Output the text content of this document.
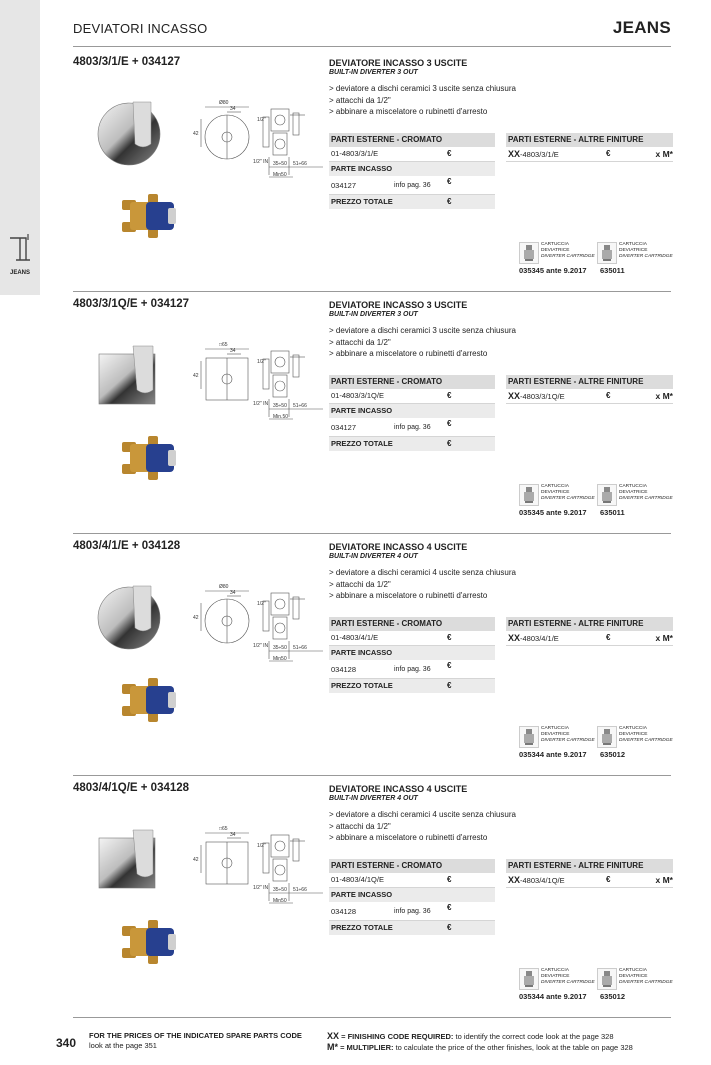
JEANS
DEVIATORI INCASSO	JEANS
4803/3/1/E + 034127
Ø80
34
42
1/2"
1/2" IN 35÷50 51÷66
Min50
DEVIATORE INCASSO 3 USCITE
BUILT-IN DIVERTER 3 OUT
> deviatore a dischi ceramici 3 uscite senza chiusura
> attacchi da 1/2"
> abbinare a miscelatore o rubinetti d'arresto
PARTI ESTERNE - CROMATO
01-4803/3/1/E	€
PARTE INCASSO
034127	info pag. 36 €
PREZZO TOTALE	€
PARTI ESTERNE - ALTRE FINITURE
XX-4803/3/1/E	€	x M*
CARTUCCIA
DEVIATRICE
DIVERTER CARTRIDGE
CARTUCCIA
DEVIATRICE
DIVERTER CARTRIDGE
035345 ante 9.2017 635011
4803/3/1Q/E + 034127
□65
34
42
1/2"
1/2" IN 35÷50 51÷66
Min.50
DEVIATORE INCASSO 3 USCITE
BUILT-IN DIVERTER 3 OUT
> deviatore a dischi ceramici 3 uscite senza chiusura
> attacchi da 1/2"
> abbinare a miscelatore o rubinetti d'arresto
PARTI ESTERNE - CROMATO
01-4803/3/1Q/E	€
PARTE INCASSO
034127	info pag. 36 €
PREZZO TOTALE	€
PARTI ESTERNE - ALTRE FINITURE
XX-4803/3/1Q/E	€	x M*
CARTUCCIA
DEVIATRICE
DIVERTER CARTRIDGE
CARTUCCIA
DEVIATRICE
DIVERTER CARTRIDGE
035345 ante 9.2017 635011
4803/4/1/E + 034128
Ø80
34
42
1/2"
1/2" IN 35÷50 51÷66
Min50
DEVIATORE INCASSO 4 USCITE
BUILT-IN DIVERTER 4 OUT
> deviatore a dischi ceramici 4 uscite senza chiusura
> attacchi da 1/2"
> abbinare a miscelatore o rubinetti d'arresto
PARTI ESTERNE - CROMATO
01-4803/4/1/E	€
PARTE INCASSO
034128	info pag. 36 €
PREZZO TOTALE	€
PARTI ESTERNE - ALTRE FINITURE
XX-4803/4/1/E	€	x M*
CARTUCCIA
DEVIATRICE
DIVERTER CARTRIDGE
CARTUCCIA
DEVIATRICE
DIVERTER CARTRIDGE
035344 ante 9.2017 635012
4803/4/1Q/E + 034128
□65
34
42
1/2"
1/2" IN 35÷50 51÷66
Min50
DEVIATORE INCASSO 4 USCITE
BUILT-IN DIVERTER 4 OUT
> deviatore a dischi ceramici 4 uscite senza chiusura
> attacchi da 1/2"
> abbinare a miscelatore o rubinetti d'arresto
PARTI ESTERNE - CROMATO
01-4803/4/1Q/E	€
PARTE INCASSO
034128	info pag. 36 €
PREZZO TOTALE	€
PARTI ESTERNE - ALTRE FINITURE
XX-4803/4/1Q/E	€	x M*
CARTUCCIA
DEVIATRICE
DIVERTER CARTRIDGE
CARTUCCIA
DEVIATRICE
DIVERTER CARTRIDGE
035344 ante 9.2017 635012
340
FOR THE PRICES OF THE INDICATED SPARE PARTS CODE
look at the page 351
XX = FINISHING CODE REQUIRED: to identify the correct code look at the page 328
M* = MULTIPLIER: to calculate the price of the other finishes, look at the table on page 328
